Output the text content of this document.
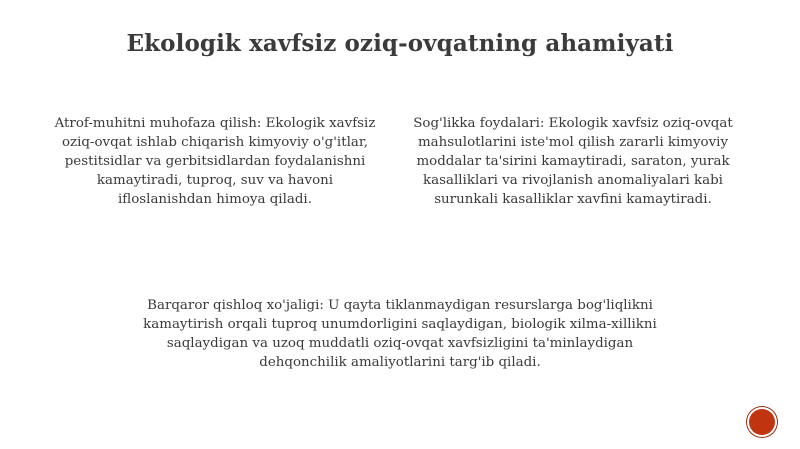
Ekologik xavfsiz oziq-ovqatning ahamiyati

Atrof-muhitni muhofaza qilish: Ekologik xavfsiz oziq-ovqat ishlab chiqarish kimyoviy o'g'itlar, pestitsidlar va gerbitsidlardan foydalanishni kamaytiradi, tuproq, suv va havoni ifloslanishdan himoya qiladi.

Sog'likka foydalari: Ekologik xavfsiz oziq-ovqat mahsulotlarini iste'mol qilish zararli kimyoviy moddalar ta'sirini kamaytiradi, saraton, yurak kasalliklari va rivojlanish anomaliyalari kabi surunkali kasalliklar xavfini kamaytiradi.

Barqaror qishloq xo'jaligi: U qayta tiklanmaydigan resurslarga bog'liqlikni kamaytirish orqali tuproq unumdorligini saqlaydigan, biologik xilma-xillikni saqlaydigan va uzoq muddatli oziq-ovqat xavfsizligini ta'minlaydigan dehqonchilik amaliyotlarini targ'ib qiladi.
